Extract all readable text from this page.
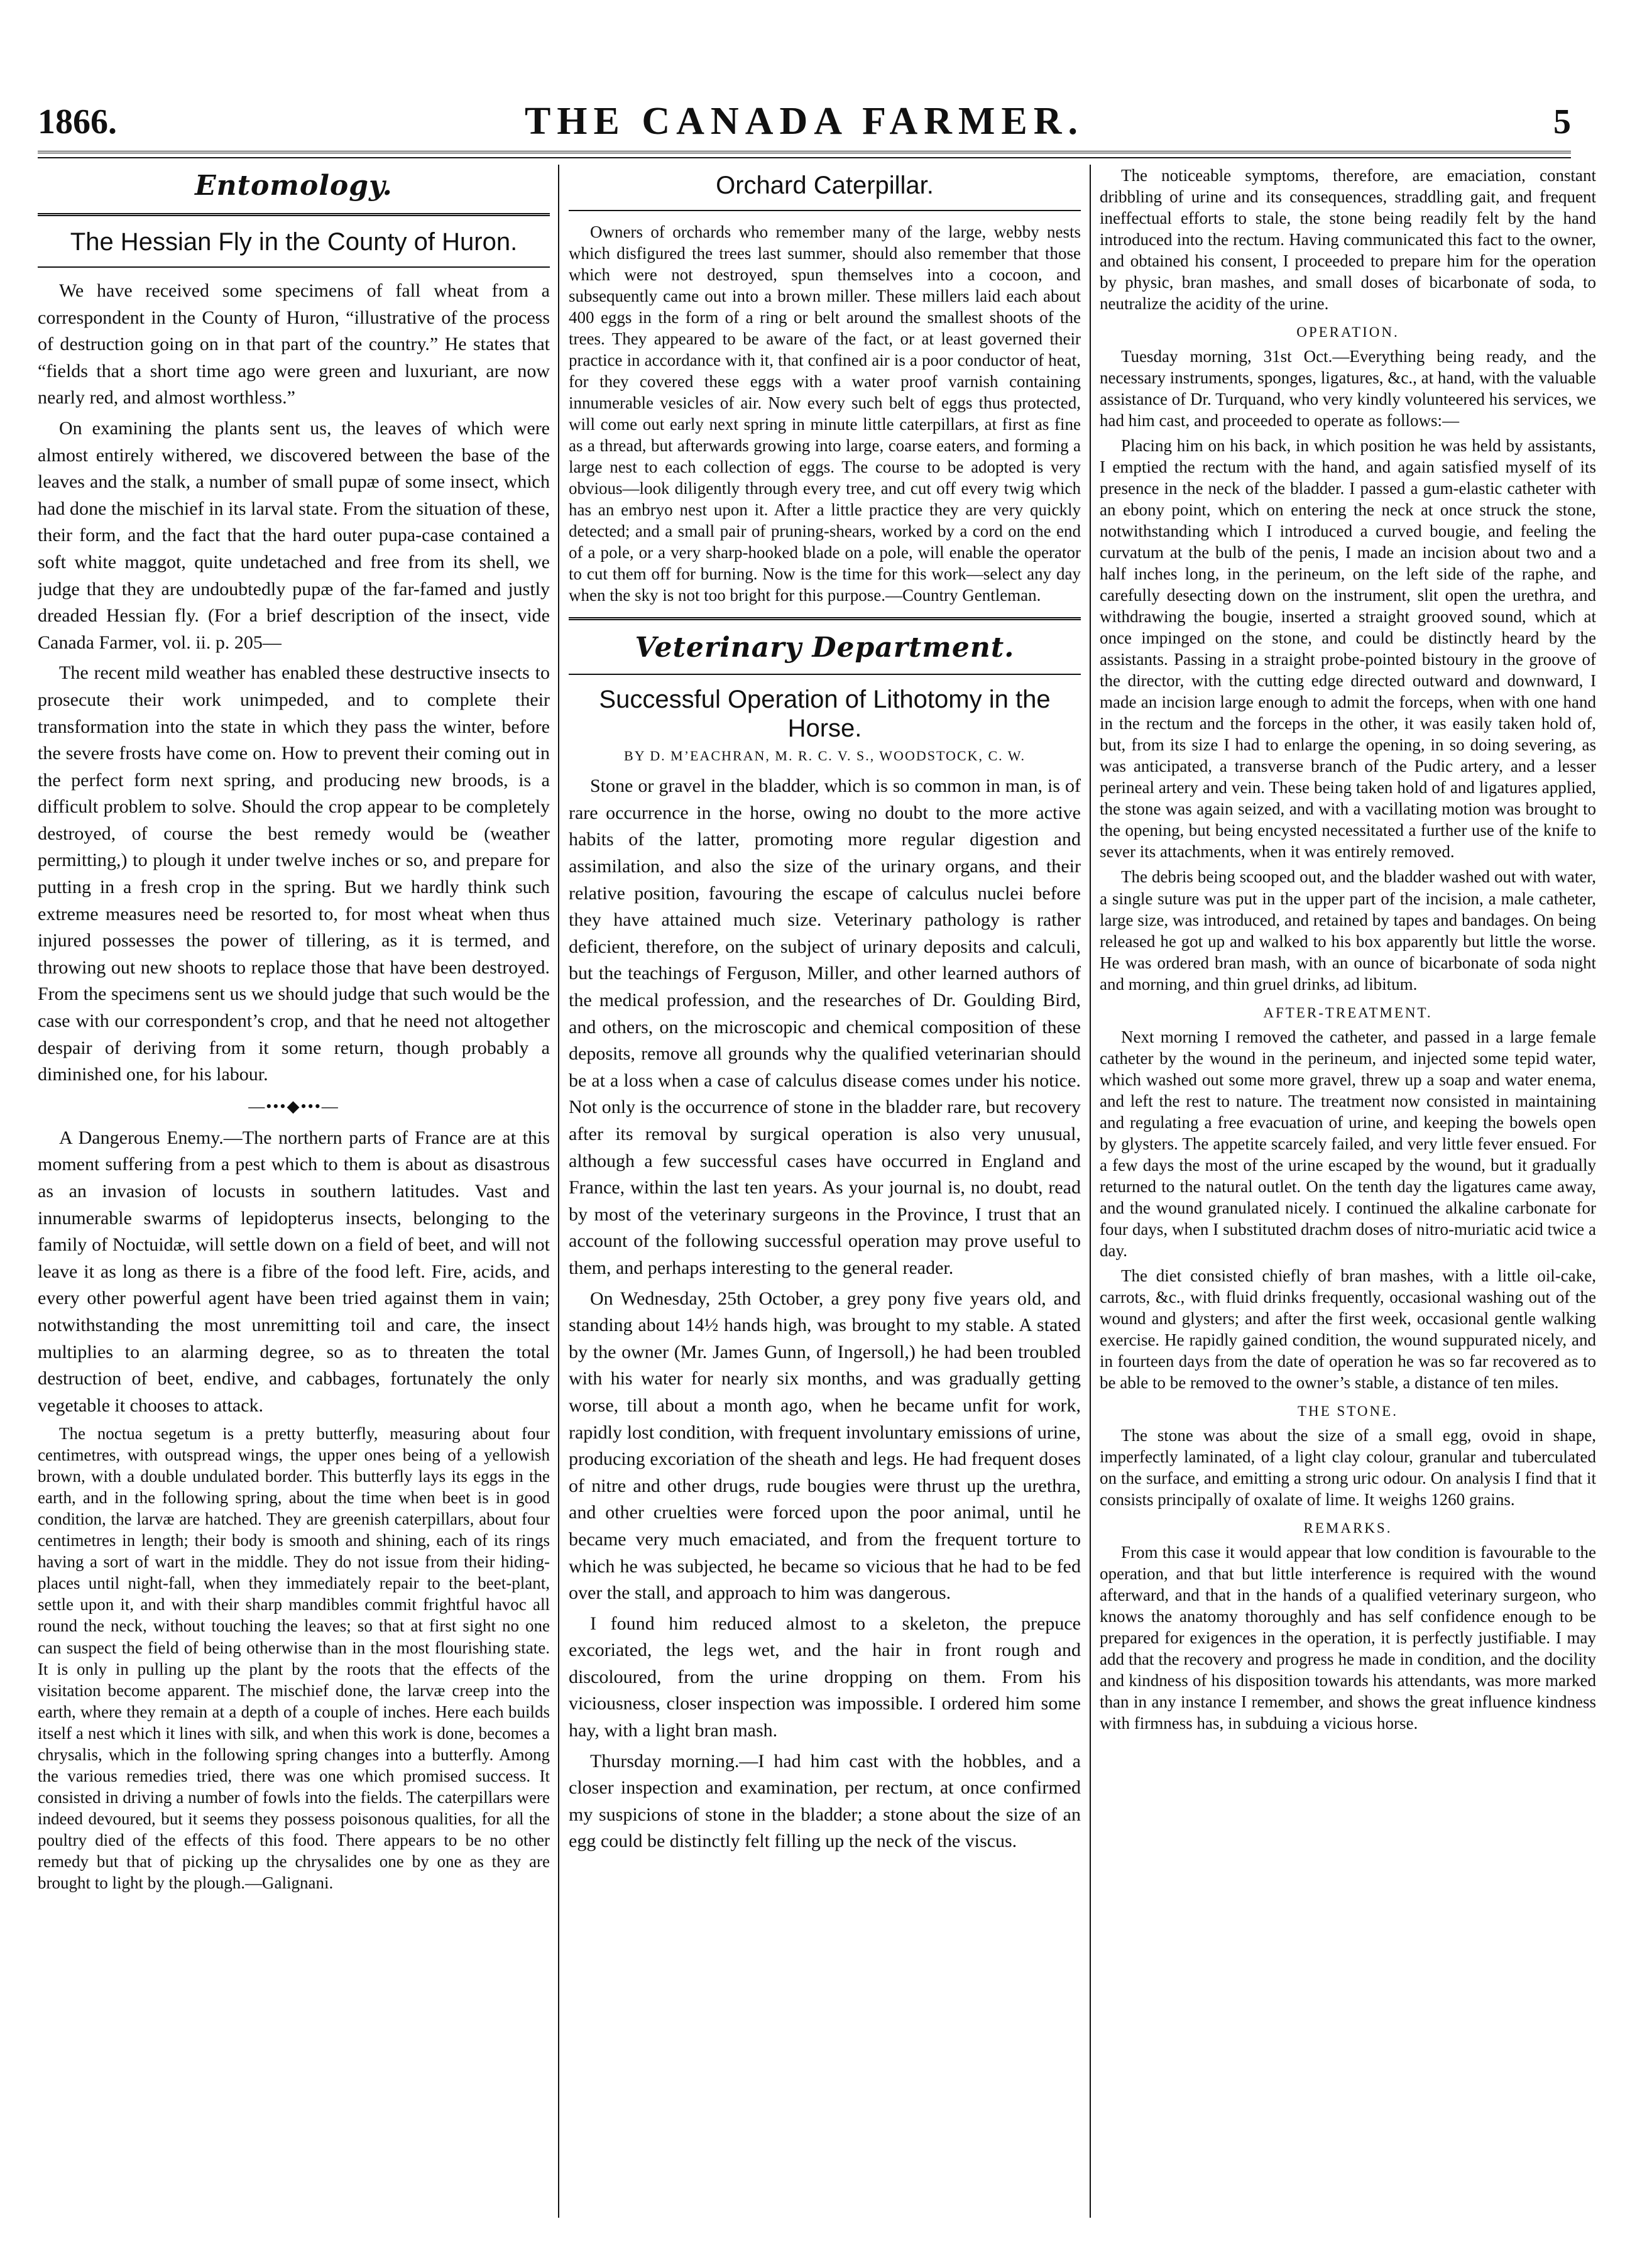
1866.	THE CANADA FARMER.	5
Entomology.
The Hessian Fly in the County of Huron.

We have received some specimens of fall wheat from a correspondent in the County of Huron, “illustrative of the process of destruction going on in that part of the country.” He states that “fields that a short time ago were green and luxuriant, are now nearly red, and almost worthless.”

On examining the plants sent us, the leaves of which were almost entirely withered, we discovered between the base of the leaves and the stalk, a number of small pupæ of some insect, which had done the mischief in its larval state. From the situation of these, their form, and the fact that the hard outer pupa-case contained a soft white maggot, quite undetached and free from its shell, we judge that they are undoubtedly pupæ of the far-famed and justly dreaded Hessian fly. (For a brief description of the insect, vide Canada Farmer, vol. ii. p. 205—

The recent mild weather has enabled these destructive insects to prosecute their work unimpeded, and to complete their transformation into the state in which they pass the winter, before the severe frosts have come on. How to prevent their coming out in the perfect form next spring, and producing new broods, is a difficult problem to solve. Should the crop appear to be completely destroyed, of course the best remedy would be (weather permitting,) to plough it under twelve inches or so, and prepare for putting in a fresh crop in the spring. But we hardly think such extreme measures need be resorted to, for most wheat when thus injured possesses the power of tillering, as it is termed, and throwing out new shoots to replace those that have been destroyed. From the specimens sent us we should judge that such would be the case with our correspondent’s crop, and that he need not altogether despair of deriving from it some return, though probably a diminished one, for his labour.

—•••◆•••—

A Dangerous Enemy.—The northern parts of France are at this moment suffering from a pest which to them is about as disastrous as an invasion of locusts in southern latitudes. Vast and innumerable swarms of lepidopterus insects, belonging to the family of Noctuidæ, will settle down on a field of beet, and will not leave it as long as there is a fibre of the food left. Fire, acids, and every other powerful agent have been tried against them in vain; notwithstanding the most unremitting toil and care, the insect multiplies to an alarming degree, so as to threaten the total destruction of beet, endive, and cabbages, fortunately the only vegetable it chooses to attack.

The noctua segetum is a pretty butterfly, measuring about four centimetres, with outspread wings, the upper ones being of a yellowish brown, with a double undulated border. This butterfly lays its eggs in the earth, and in the following spring, about the time when beet is in good condition, the larvæ are hatched. They are greenish caterpillars, about four centimetres in length; their body is smooth and shining, each of its rings having a sort of wart in the middle. They do not issue from their hiding-places until night-fall, when they immediately repair to the beet-plant, settle upon it, and with their sharp mandibles commit frightful havoc all round the neck, without touching the leaves; so that at first sight no one can suspect the field of being otherwise than in the most flourishing state. It is only in pulling up the plant by the roots that the effects of the visitation become apparent. The mischief done, the larvæ creep into the earth, where they remain at a depth of a couple of inches. Here each builds itself a nest which it lines with silk, and when this work is done, becomes a chrysalis, which in the following spring changes into a butterfly. Among the various remedies tried, there was one which promised success. It consisted in driving a number of fowls into the fields. The caterpillars were indeed devoured, but it seems they possess poisonous qualities, for all the poultry died of the effects of this food. There appears to be no other remedy but that of picking up the chrysalides one by one as they are brought to light by the plough.—Galignani.

Orchard Caterpillar.

Owners of orchards who remember many of the large, webby nests which disfigured the trees last summer, should also remember that those which were not destroyed, spun themselves into a cocoon, and subsequently came out into a brown miller. These millers laid each about 400 eggs in the form of a ring or belt around the smallest shoots of the trees. They appeared to be aware of the fact, or at least governed their practice in accordance with it, that confined air is a poor conductor of heat, for they covered these eggs with a water proof varnish containing innumerable vesicles of air. Now every such belt of eggs thus protected, will come out early next spring in minute little caterpillars, at first as fine as a thread, but afterwards growing into large, coarse eaters, and forming a large nest to each collection of eggs. The course to be adopted is very obvious—look diligently through every tree, and cut off every twig which has an embryo nest upon it. After a little practice they are very quickly detected; and a small pair of pruning-shears, worked by a cord on the end of a pole, or a very sharp-hooked blade on a pole, will enable the operator to cut them off for burning. Now is the time for this work—select any day when the sky is not too bright for this purpose.—Country Gentleman.

Veterinary Department.
Successful Operation of Lithotomy in the Horse.
BY D. M’EACHRAN, M. R. C. V. S., WOODSTOCK, C. W.

Stone or gravel in the bladder, which is so common in man, is of rare occurrence in the horse, owing no doubt to the more active habits of the latter, promoting more regular digestion and assimilation, and also the size of the urinary organs, and their relative position, favouring the escape of calculus nuclei before they have attained much size. Veterinary pathology is rather deficient, therefore, on the subject of urinary deposits and calculi, but the teachings of Ferguson, Miller, and other learned authors of the medical profession, and the researches of Dr. Goulding Bird, and others, on the microscopic and chemical composition of these deposits, remove all grounds why the qualified veterinarian should be at a loss when a case of calculus disease comes under his notice. Not only is the occurrence of stone in the bladder rare, but recovery after its removal by surgical operation is also very unusual, although a few successful cases have occurred in England and France, within the last ten years. As your journal is, no doubt, read by most of the veterinary surgeons in the Province, I trust that an account of the following successful operation may prove useful to them, and perhaps interesting to the general reader.

On Wednesday, 25th October, a grey pony five years old, and standing about 14½ hands high, was brought to my stable. A stated by the owner (Mr. James Gunn, of Ingersoll,) he had been troubled with his water for nearly six months, and was gradually getting worse, till about a month ago, when he became unfit for work, rapidly lost condition, with frequent involuntary emissions of urine, producing excoriation of the sheath and legs. He had frequent doses of nitre and other drugs, rude bougies were thrust up the urethra, and other cruelties were forced upon the poor animal, until he became very much emaciated, and from the frequent torture to which he was subjected, he became so vicious that he had to be fed over the stall, and approach to him was dangerous.

I found him reduced almost to a skeleton, the prepuce excoriated, the legs wet, and the hair in front rough and discoloured, from the urine dropping on them. From his viciousness, closer inspection was impossible. I ordered him some hay, with a light bran mash.

Thursday morning.—I had him cast with the hobbles, and a closer inspection and examination, per rectum, at once confirmed my suspicions of stone in the bladder; a stone about the size of an egg could be distinctly felt filling up the neck of the viscus.

The noticeable symptoms, therefore, are emaciation, constant dribbling of urine and its consequences, straddling gait, and frequent ineffectual efforts to stale, the stone being readily felt by the hand introduced into the rectum. Having communicated this fact to the owner, and obtained his consent, I proceeded to prepare him for the operation by physic, bran mashes, and small doses of bicarbonate of soda, to neutralize the acidity of the urine.

OPERATION.

Tuesday morning, 31st Oct.—Everything being ready, and the necessary instruments, sponges, ligatures, &c., at hand, with the valuable assistance of Dr. Turquand, who very kindly volunteered his services, we had him cast, and proceeded to operate as follows:—

Placing him on his back, in which position he was held by assistants, I emptied the rectum with the hand, and again satisfied myself of its presence in the neck of the bladder. I passed a gum-elastic catheter with an ebony point, which on entering the neck at once struck the stone, notwithstanding which I introduced a curved bougie, and feeling the curvatum at the bulb of the penis, I made an incision about two and a half inches long, in the perineum, on the left side of the raphe, and carefully desecting down on the instrument, slit open the urethra, and withdrawing the bougie, inserted a straight grooved sound, which at once impinged on the stone, and could be distinctly heard by the assistants. Passing in a straight probe-pointed bistoury in the groove of the director, with the cutting edge directed outward and downward, I made an incision large enough to admit the forceps, when with one hand in the rectum and the forceps in the other, it was easily taken hold of, but, from its size I had to enlarge the opening, in so doing severing, as was anticipated, a transverse branch of the Pudic artery, and a lesser perineal artery and vein. These being taken hold of and ligatures applied, the stone was again seized, and with a vacillating motion was brought to the opening, but being encysted necessitated a further use of the knife to sever its attachments, when it was entirely removed.

The debris being scooped out, and the bladder washed out with water, a single suture was put in the upper part of the incision, a male catheter, large size, was introduced, and retained by tapes and bandages. On being released he got up and walked to his box apparently but little the worse. He was ordered bran mash, with an ounce of bicarbonate of soda night and morning, and thin gruel drinks, ad libitum.

AFTER-TREATMENT.

Next morning I removed the catheter, and passed in a large female catheter by the wound in the perineum, and injected some tepid water, which washed out some more gravel, threw up a soap and water enema, and left the rest to nature. The treatment now consisted in maintaining and regulating a free evacuation of urine, and keeping the bowels open by glysters. The appetite scarcely failed, and very little fever ensued. For a few days the most of the urine escaped by the wound, but it gradually returned to the natural outlet. On the tenth day the ligatures came away, and the wound granulated nicely. I continued the alkaline carbonate for four days, when I substituted drachm doses of nitro-muriatic acid twice a day.

The diet consisted chiefly of bran mashes, with a little oil-cake, carrots, &c., with fluid drinks frequently, occasional washing out of the wound and glysters; and after the first week, occasional gentle walking exercise. He rapidly gained condition, the wound suppurated nicely, and in fourteen days from the date of operation he was so far recovered as to be able to be removed to the owner’s stable, a distance of ten miles.

THE STONE.

The stone was about the size of a small egg, ovoid in shape, imperfectly laminated, of a light clay colour, granular and tuberculated on the surface, and emitting a strong uric odour. On analysis I find that it consists principally of oxalate of lime. It weighs 1260 grains.

REMARKS.

From this case it would appear that low condition is favourable to the operation, and that but little interference is required with the wound afterward, and that in the hands of a qualified veterinary surgeon, who knows the anatomy thoroughly and has self confidence enough to be prepared for exigences in the operation, it is perfectly justifiable. I may add that the recovery and progress he made in condition, and the docility and kindness of his disposition towards his attendants, was more marked than in any instance I remember, and shows the great influence kindness with firmness has, in subduing a vicious horse.
